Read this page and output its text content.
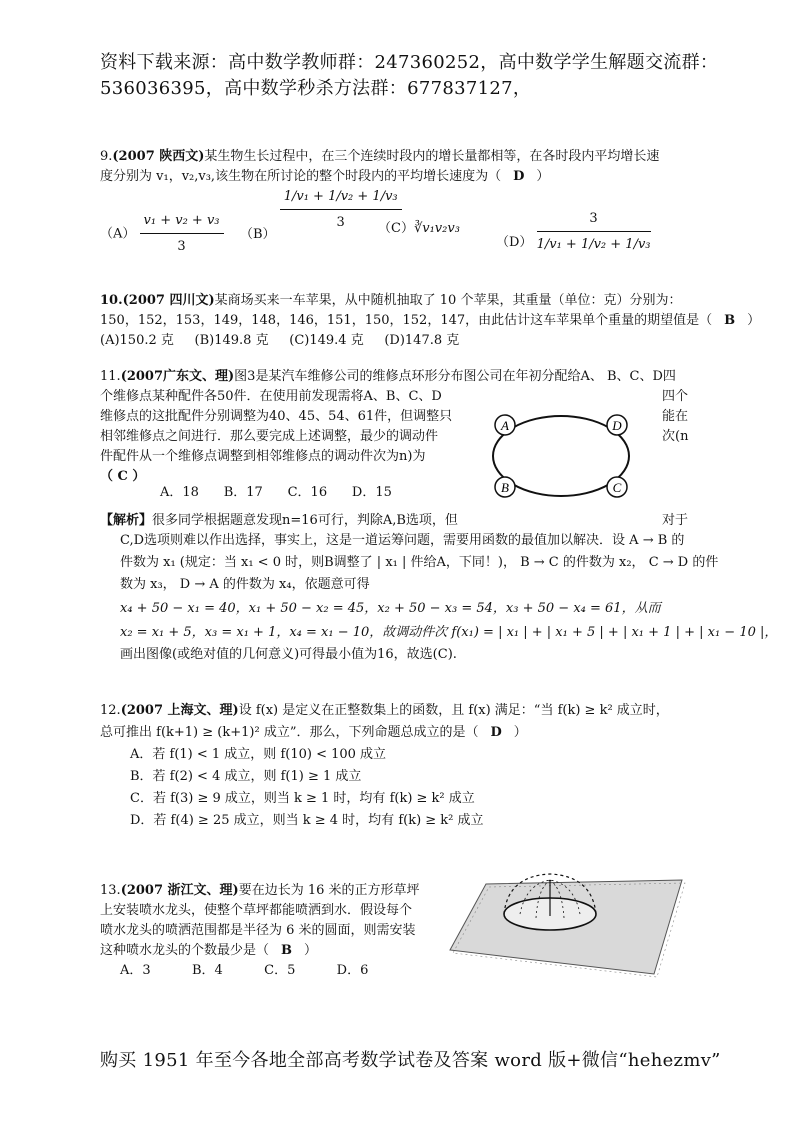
资料下载来源：高中数学教师群：247360252，高中数学学生解题交流群：
536036395，高中数学秒杀方法群：677837127，
9.(2007 陕西文)某生物生长过程中，在三个连续时段内的增长量都相等，在各时段内平均增长速
度分别为 v₁，v₂,v₃,该生物在所讨论的整个时段内的平均增长速度为（ D ）
$(A) \frac{\text{v₁ + v₂ + v₃}}{3} (B) \frac{\text{1/v₁ + 1/v₂ + 1/v₃}}{3}$
（C）∛v₁v₂v₃
$(D) \frac{3}{\text{1/v₁ + 1/v₂ + 1/v₃}}$
10.(2007 四川文)某商场买来一车苹果，从中随机抽取了 10 个苹果，其重量（单位：克）分别为：
150，152，153，149，148，146，151，150，152，147，由此估计这车苹果单个重量的期望值是（ B ）
(A)150.2 克     (B)149.8 克     (C)149.4 克     (D)147.8 克
11.(2007广东文、理)图3是某汽车维修公司的维修点环形分布图公司在年初分配给A、 B、C、D四
个维修点某种配件各50件．在使用前发现需将A、B、C、D	四个
维修点的这批配件分别调整为40、45、54、61件，但调整只	能在
相邻维修点之间进行．那么要完成上述调整，最少的调动件	次(n
件配件从一个维修点调整到相邻维修点的调动件次为n)为
（ C ）
A．18      B．17      C．16      D．15
A	D
B	C
【解析】很多同学根据题意发现n=16可行，判除A,B选项，但	对于
C,D选项则难以作出选择，事实上，这是一道运筹问题，需要用函数的最值加以解决．设 A → B 的
件数为 x₁ (规定：当 x₁ < 0 时，则B调整了 | x₁ | 件给A，下同！)， B → C 的件数为 x₂， C → D 的件
数为 x₃， D → A 的件数为 x₄，依题意可得
x₄ + 50 − x₁ = 40，x₁ + 50 − x₂ = 45，x₂ + 50 − x₃ = 54，x₃ + 50 − x₄ = 61，从而
x₂ = x₁ + 5，x₃ = x₁ + 1，x₄ = x₁ − 10，故调动件次 f(x₁) = | x₁ | + | x₁ + 5 | + | x₁ + 1 | + | x₁ − 10 |，
画出图像(或绝对值的几何意义)可得最小值为16，故选(C).
12.(2007 上海文、理)设 f(x) 是定义在正整数集上的函数，且 f(x) 满足：“当 f(k) ≥ k² 成立时，
总可推出 f(k+1) ≥ (k+1)² 成立”．那么，下列命题总成立的是（ D ）
A．若 f(1) < 1 成立，则 f(10) < 100 成立
B．若 f(2) < 4 成立，则 f(1) ≥ 1 成立
C．若 f(3) ≥ 9 成立，则当 k ≥ 1 时，均有 f(k) ≥ k² 成立
D．若 f(4) ≥ 25 成立，则当 k ≥ 4 时，均有 f(k) ≥ k² 成立
13.(2007 浙江文、理)要在边长为 16 米的正方形草坪
上安装喷水龙头，使整个草坪都能喷洒到水．假设每个
喷水龙头的喷洒范围都是半径为 6 米的圆面，则需安装
这种喷水龙头的个数最少是（ B ）
A．3          B．4          C．5          D．6
购买 1951 年至今各地全部高考数学试卷及答案 word 版+微信“hehezmv”
